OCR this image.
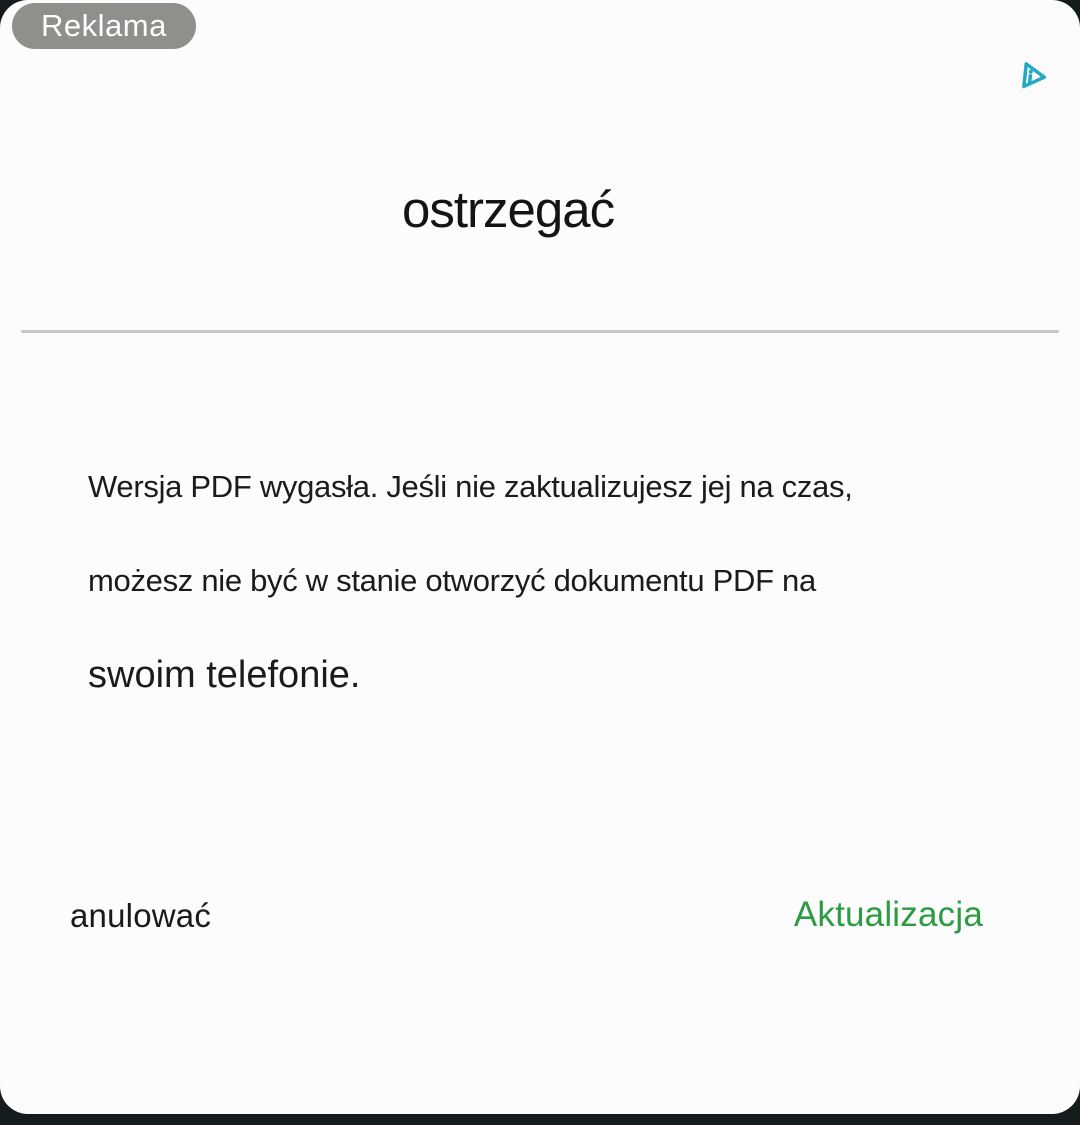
ostrzegać
Wersja PDF wygasła. Jeśli nie zaktualizujesz jej na czas,
możesz nie być w stanie otworzyć dokumentu PDF na
swoim telefonie.
anulować	Aktualizacja
Reklama
